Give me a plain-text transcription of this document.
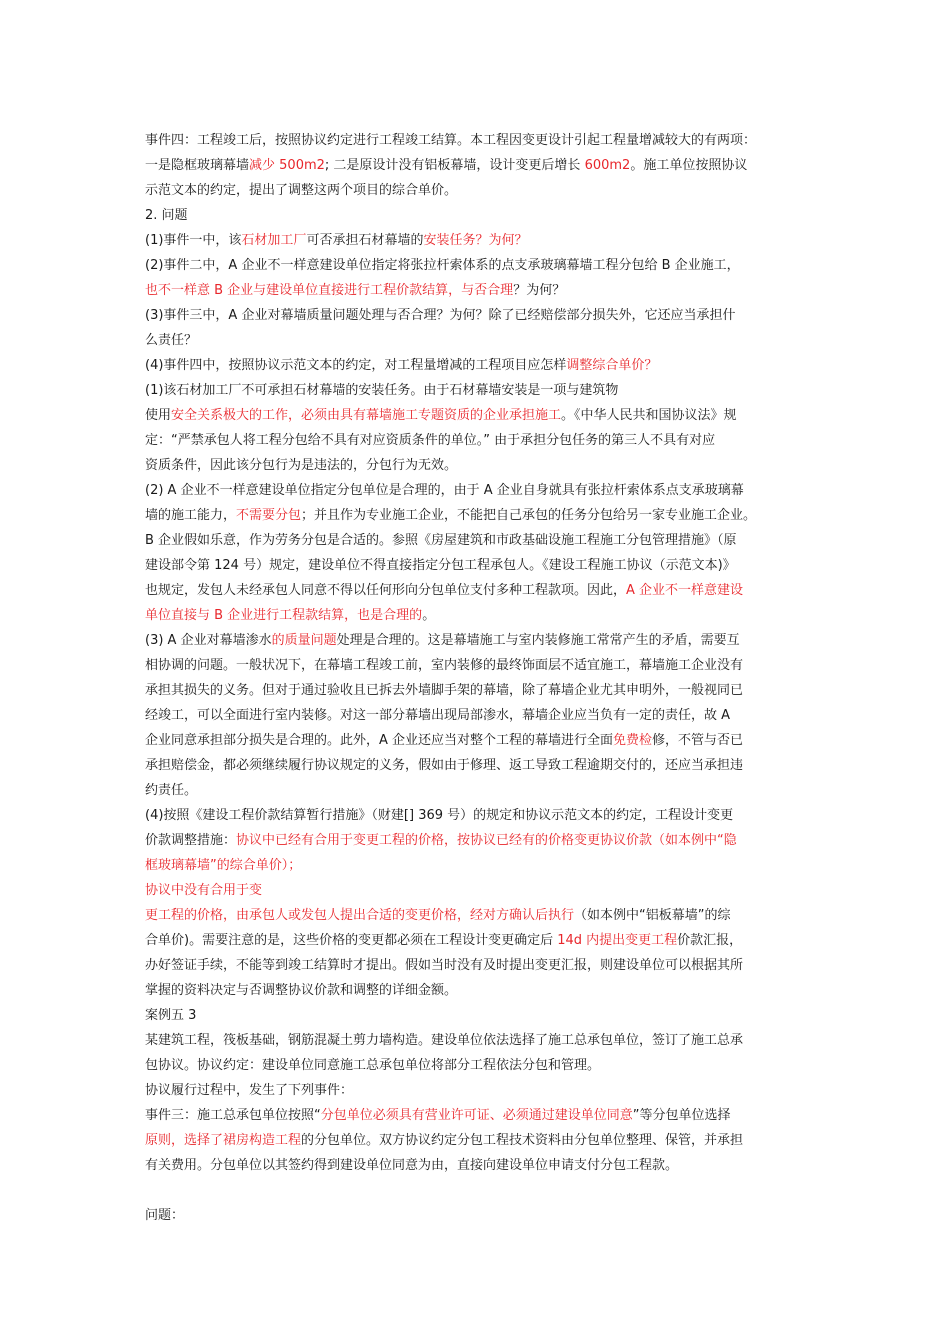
事件四：工程竣工后，按照协议约定进行工程竣工结算。本工程因变更设计引起工程量增减较大的有两项：
一是隐框玻璃幕墙减少 500m2; 二是原设计没有铝板幕墙，设计变更后增长 600m2。施工单位按照协议
示范文本的约定，提出了调整这两个项目的综合单价。
2. 问题
(1)事件一中，该石材加工厂可否承担石材幕墙的安装任务？为何？
(2)事件二中，A 企业不一样意建设单位指定将张拉杆索体系的点支承玻璃幕墙工程分包给 B 企业施工，
也不一样意 B 企业与建设单位直接进行工程价款结算，与否合理？为何？
(3)事件三中，A 企业对幕墙质量问题处理与否合理？为何？除了已经赔偿部分损失外，它还应当承担什
么责任？
(4)事件四中，按照协议示范文本的约定，对工程量增减的工程项目应怎样调整综合单价？
(1)该石材加工厂不可承担石材幕墙的安装任务。由于石材幕墙安装是一项与建筑物
使用安全关系极大的工作，必须由具有幕墙施工专题资质的企业承担施工。《中华人民共和国协议法》规
定：“严禁承包人将工程分包给不具有对应资质条件的单位。” 由于承担分包任务的第三人不具有对应
资质条件，因此该分包行为是违法的，分包行为无效。
(2) A 企业不一样意建设单位指定分包单位是合理的，由于 A 企业自身就具有张拉杆索体系点支承玻璃幕
墙的施工能力，不需要分包；并且作为专业施工企业，不能把自己承包的任务分包给另一家专业施工企业。
B 企业假如乐意，作为劳务分包是合适的。参照《房屋建筑和市政基础设施工程施工分包管理措施》（原
建设部令第 124 号）规定，建设单位不得直接指定分包工程承包人。《建设工程施工协议（示范文本)》
也规定，发包人未经承包人同意不得以任何形向分包单位支付多种工程款项。因此，A 企业不一样意建设
单位直接与 B 企业进行工程款结算，也是合理的。
(3) A 企业对幕墙渗水的质量问题处理是合理的。这是幕墙施工与室内装修施工常常产生的矛盾，需要互
相协调的问题。一般状况下，在幕墙工程竣工前，室内装修的最终饰面层不适宜施工，幕墙施工企业没有
承担其损失的义务。但对于通过验收且已拆去外墙脚手架的幕墙，除了幕墙企业尤其申明外，一般视同已
经竣工，可以全面进行室内装修。对这一部分幕墙出现局部渗水，幕墙企业应当负有一定的责任，故 A
企业同意承担部分损失是合理的。此外，A 企业还应当对整个工程的幕墙进行全面免费检修，不管与否已
承担赔偿金，都必须继续履行协议规定的义务，假如由于修理、返工导致工程逾期交付的，还应当承担违
约责任。
(4)按照《建设工程价款结算暂行措施》（财建[] 369 号）的规定和协议示范文本的约定，工程设计变更
价款调整措施：协议中已经有合用于变更工程的价格，按协议已经有的价格变更协议价款（如本例中“隐
框玻璃幕墙”的综合单价）；
协议中没有合用于变
更工程的价格，由承包人或发包人提出合适的变更价格，经对方确认后执行（如本例中“铝板幕墙”的综
合单价)。需要注意的是，这些价格的变更都必须在工程设计变更确定后 14d 内提出变更工程价款汇报，
办好签证手续，不能等到竣工结算时才提出。假如当时没有及时提出变更汇报，则建设单位可以根据其所
掌握的资料决定与否调整协议价款和调整的详细金额。
案例五 3
某建筑工程，筏板基础，钢筋混凝土剪力墙构造。建设单位依法选择了施工总承包单位，签订了施工总承
包协议。协议约定：建设单位同意施工总承包单位将部分工程依法分包和管理。
协议履行过程中，发生了下列事件：
事件三：施工总承包单位按照“分包单位必须具有营业许可证、必须通过建设单位同意”等分包单位选择
原则，选择了裙房构造工程的分包单位。双方协议约定分包工程技术资料由分包单位整理、保管，并承担
有关费用。分包单位以其签约得到建设单位同意为由，直接向建设单位申请支付分包工程款。
问题：
